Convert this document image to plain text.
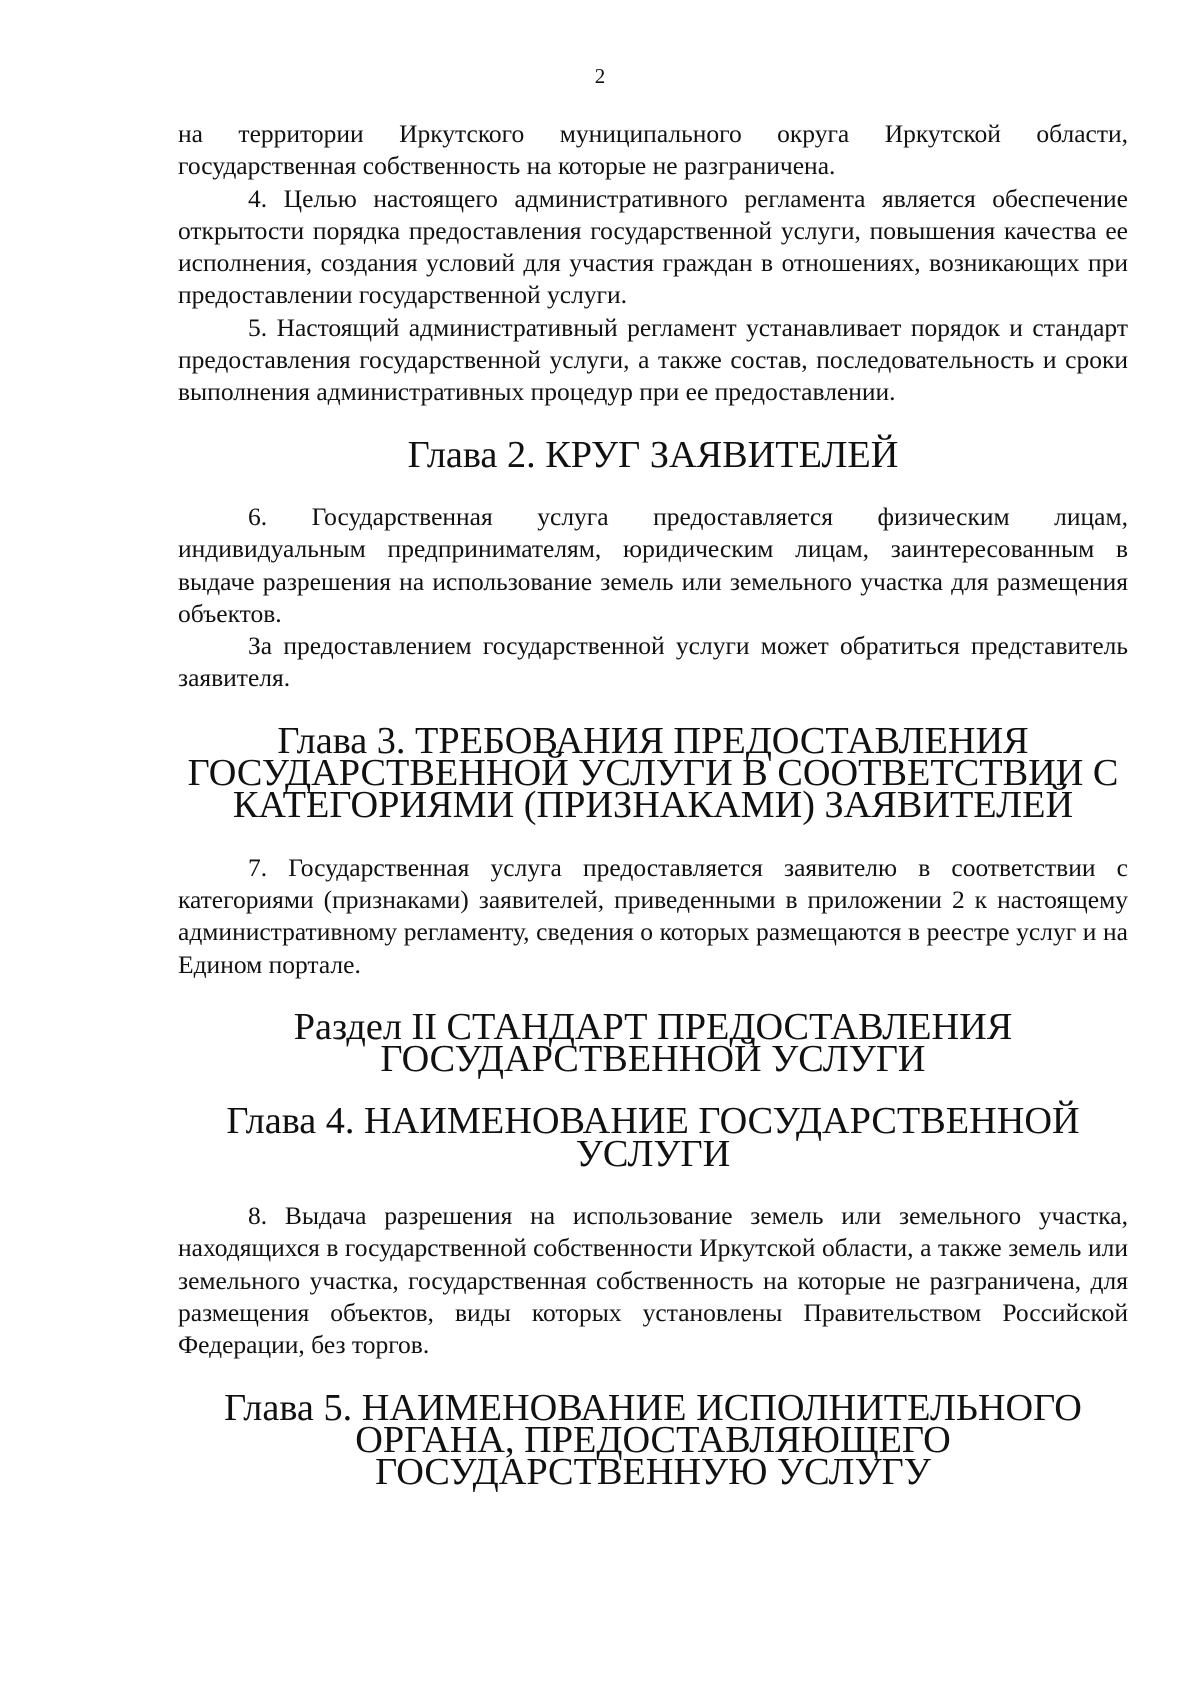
2

на территории Иркутского муниципального округа Иркутской области, государственная собственность на которые не разграничена.

4. Целью настоящего административного регламента является обеспечение открытости порядка предоставления государственной услуги, повышения качества ее исполнения, создания условий для участия граждан в отношениях, возникающих при предоставлении государственной услуги.

5. Настоящий административный регламент устанавливает порядок и стандарт предоставления государственной услуги, а также состав, последовательность и сроки выполнения административных процедур при ее предоставлении.

Глава 2. КРУГ ЗАЯВИТЕЛЕЙ

6. Государственная услуга предоставляется физическим лицам, индивидуальным предпринимателям, юридическим лицам, заинтересованным в выдаче разрешения на использование земель или земельного участка для размещения объектов.

За предоставлением государственной услуги может обратиться представитель заявителя.

Глава 3. ТРЕБОВАНИЯ ПРЕДОСТАВЛЕНИЯ ГОСУДАРСТВЕННОЙ УСЛУГИ В СООТВЕТСТВИИ С КАТЕГОРИЯМИ (ПРИЗНАКАМИ) ЗАЯВИТЕЛЕЙ

7. Государственная услуга предоставляется заявителю в соответствии с категориями (признаками) заявителей, приведенными в приложении 2 к настоящему административному регламенту, сведения о которых размещаются в реестре услуг и на Едином портале.

Раздел II СТАНДАРТ ПРЕДОСТАВЛЕНИЯ ГОСУДАРСТВЕННОЙ УСЛУГИ
Глава 4. НАИМЕНОВАНИЕ ГОСУДАРСТВЕННОЙ УСЛУГИ

8. Выдача разрешения на использование земель или земельного участка, находящихся в государственной собственности Иркутской области, а также земель или земельного участка, государственная собственность на которые не разграничена, для размещения объектов, виды которых установлены Правительством Российской Федерации, без торгов.

Глава 5. НАИМЕНОВАНИЕ ИСПОЛНИТЕЛЬНОГО ОРГАНА, ПРЕДОСТАВЛЯЮЩЕГО ГОСУДАРСТВЕННУЮ УСЛУГУ
